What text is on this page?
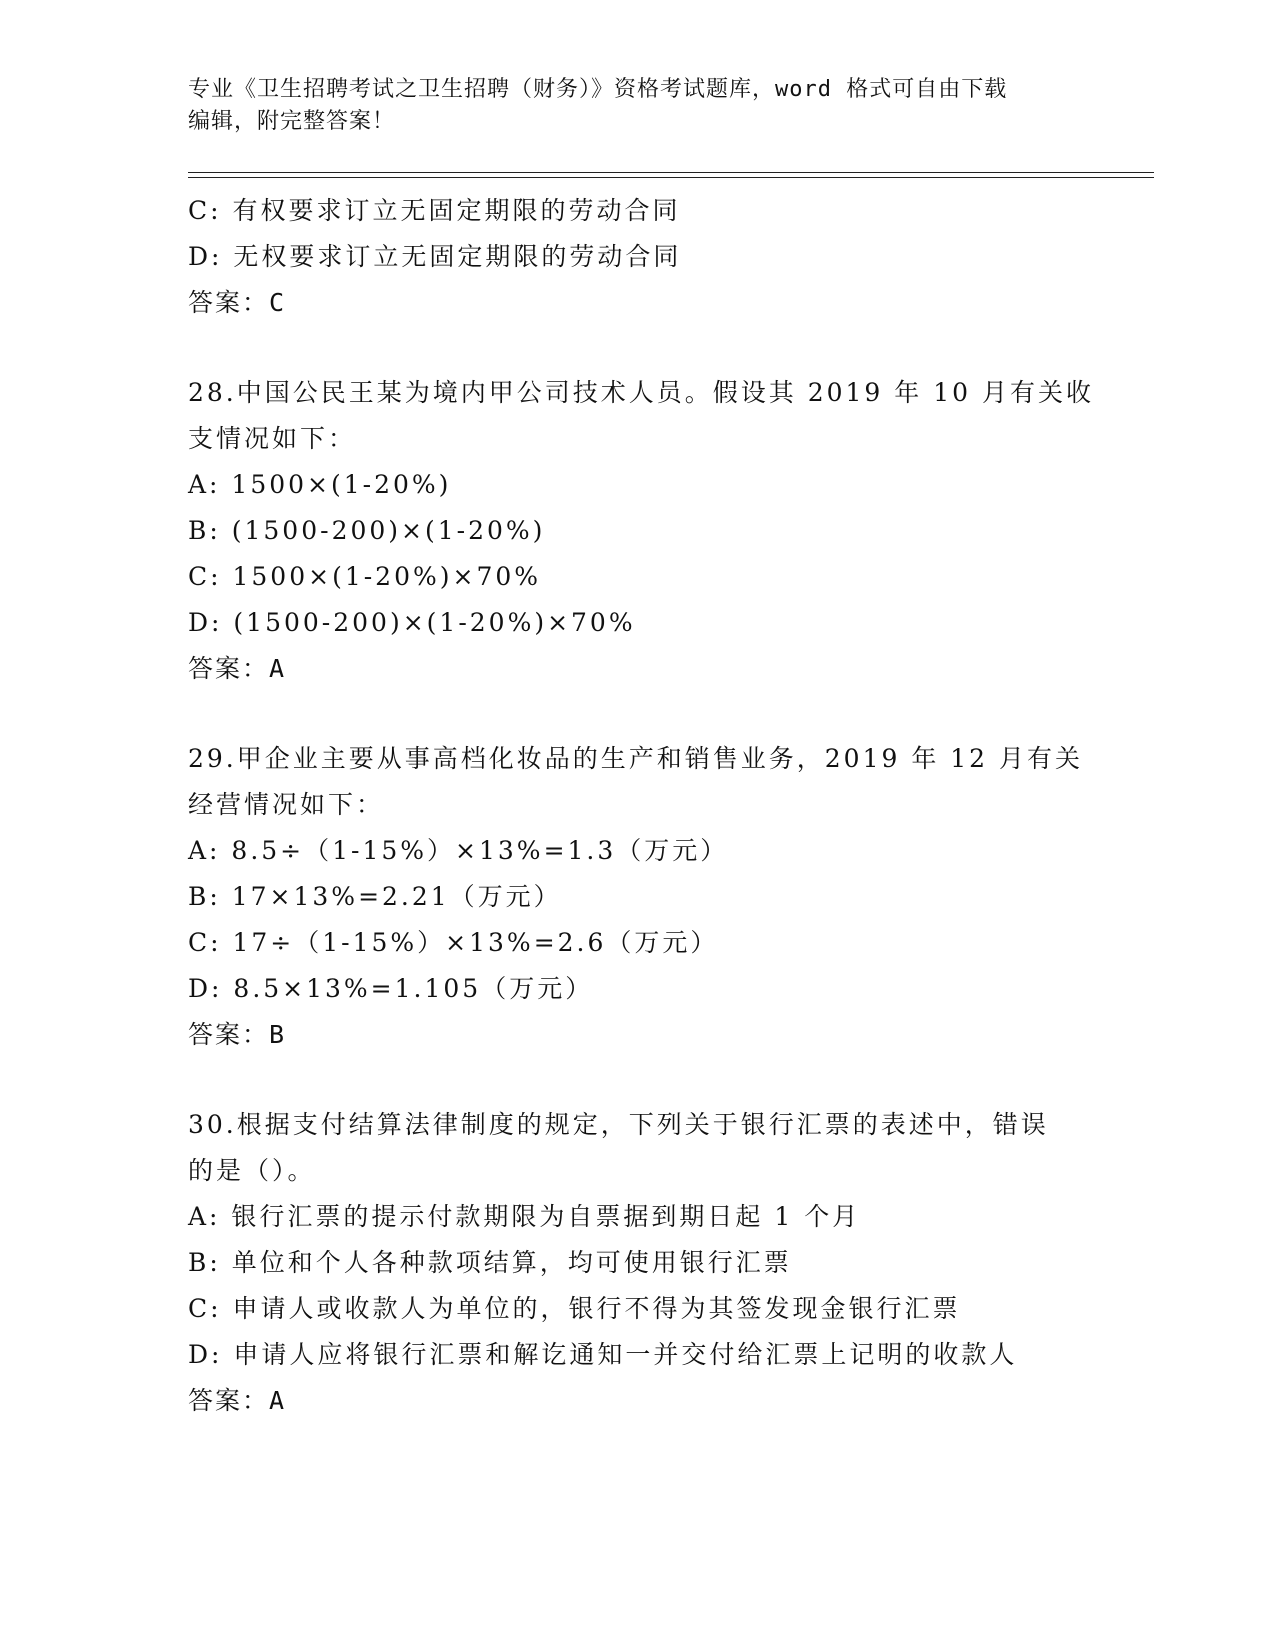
专业《卫生招聘考试之卫生招聘（财务）》资格考试题库，word 格式可自由下载
编辑，附完整答案！
C: 有权要求订立无固定期限的劳动合同
D: 无权要求订立无固定期限的劳动合同
答案：C
28.中国公民王某为境内甲公司技术人员。假设其 2019 年 10 月有关收
支情况如下：
A: 1500×(1-20%)
B: (1500-200)×(1-20%)
C: 1500×(1-20%)×70%
D: (1500-200)×(1-20%)×70%
答案：A
29.甲企业主要从事高档化妆品的生产和销售业务，2019 年 12 月有关
经营情况如下：
A: 8.5÷（1-15%）×13%=1.3（万元）
B: 17×13%=2.21（万元）
C: 17÷（1-15%）×13%=2.6（万元）
D: 8.5×13%=1.105（万元）
答案：B
30.根据支付结算法律制度的规定，下列关于银行汇票的表述中，错误
的是（）。
A: 银行汇票的提示付款期限为自票据到期日起 1 个月
B: 单位和个人各种款项结算，均可使用银行汇票
C: 申请人或收款人为单位的，银行不得为其签发现金银行汇票
D: 申请人应将银行汇票和解讫通知一并交付给汇票上记明的收款人
答案：A
